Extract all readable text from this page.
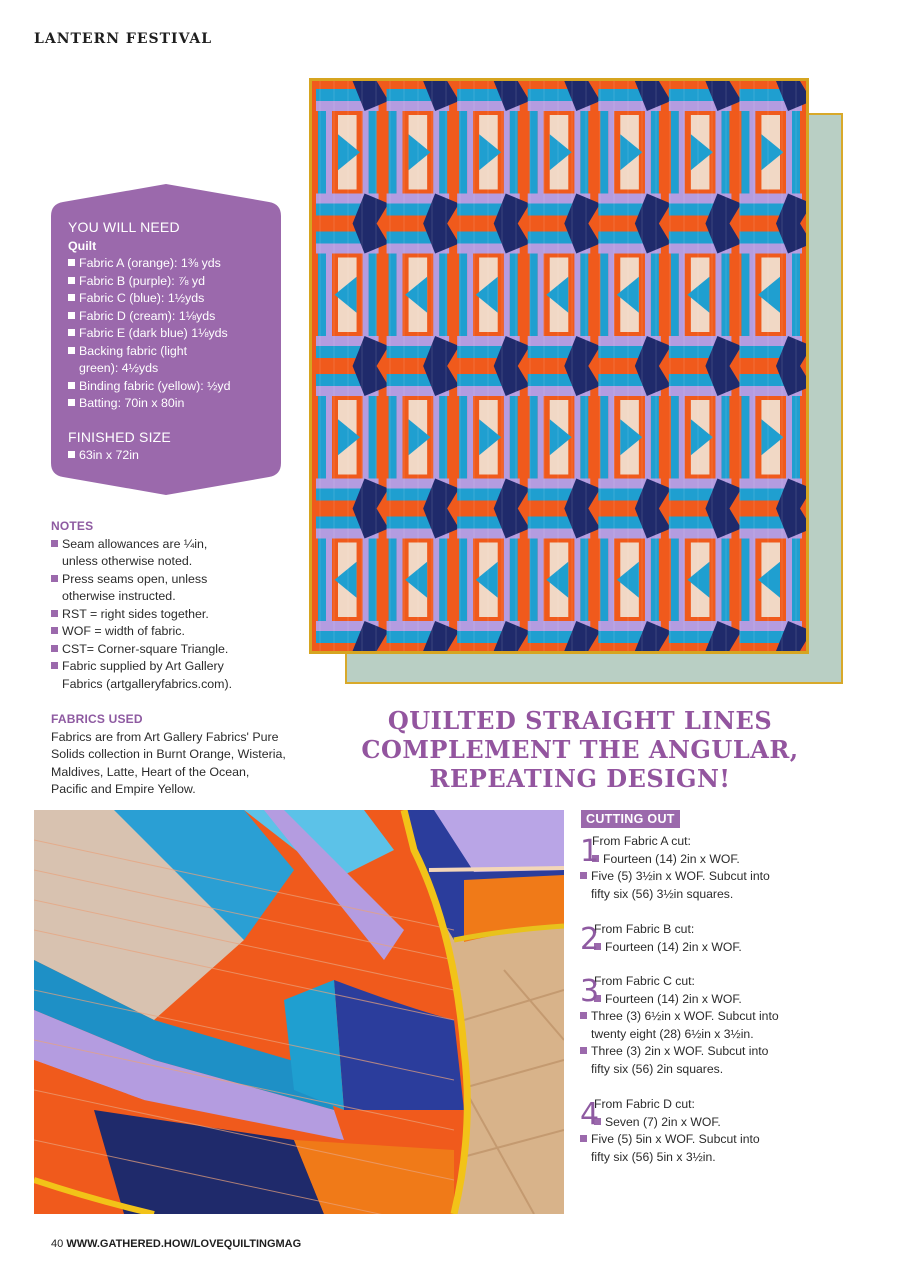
LANTERN FESTIVAL
YOU WILL NEED
Quilt
Fabric A (orange): 1⅜ yds
Fabric B (purple): ⅞ yd
Fabric C (blue): 1½yds
Fabric D (cream): 1⅛yds
Fabric E (dark blue) 1⅛yds
Backing fabric (light
green): 4½yds
Binding fabric (yellow): ½yd
Batting: 70in x 80in
FINISHED SIZE
63in x 72in
NOTES
Seam allowances are ¼in,
unless otherwise noted.
Press seams open, unless
otherwise instructed.
RST = right sides together.
WOF = width of fabric.
CST= Corner-square Triangle.
Fabric supplied by Art Gallery
Fabrics (artgalleryfabrics.com).
FABRICS USED
Fabrics are from Art Gallery Fabrics' Pure
Solids collection in Burnt Orange, Wisteria,
Maldives, Latte, Heart of the Ocean,
Pacific and Empire Yellow.
QUILTED STRAIGHT LINES
COMPLEMENT THE ANGULAR,
REPEATING DESIGN!
CUTTING OUT
1
From Fabric A cut:
Fourteen (14) 2in x WOF.
Five (5) 3½in x WOF. Subcut into
fifty six (56) 3½in squares.
2
From Fabric B cut:
Fourteen (14) 2in x WOF.
3
From Fabric C cut:
Fourteen (14) 2in x WOF.
Three (3) 6½in x WOF. Subcut into
twenty eight (28) 6½in x 3½in.
Three (3) 2in x WOF. Subcut into
fifty six (56) 2in squares.
4
From Fabric D cut:
Seven (7) 2in x WOF.
Five (5) 5in x WOF. Subcut into
fifty six (56) 5in x 3½in.
40 WWW.GATHERED.HOW/LOVEQUILTINGMAG
